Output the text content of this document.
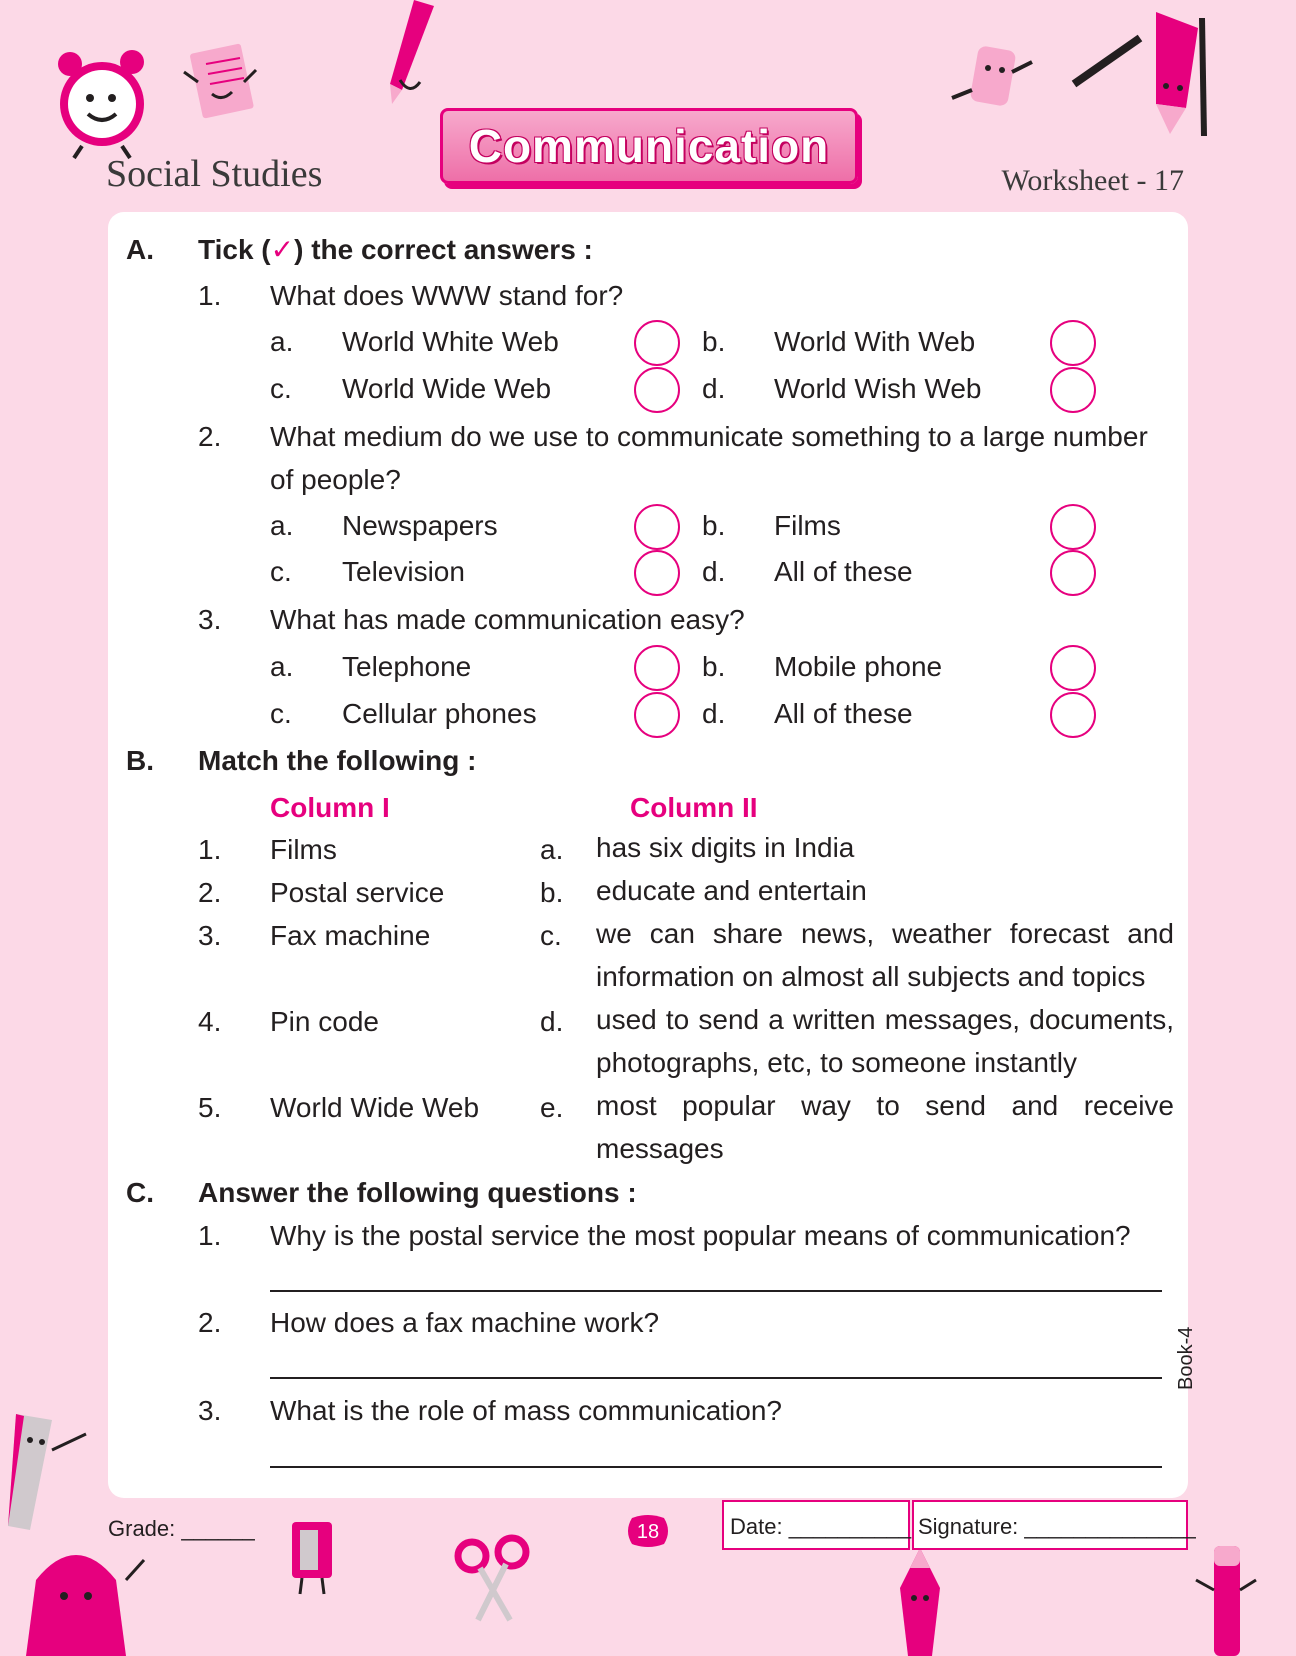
Social Studies
Communication
Worksheet - 17
A. Tick (✓) the correct answers :
1. What does WWW stand for?
a. World White Web	b. World With Web
c. World Wide Web	d. World Wish Web
2. What medium do we use to communicate something to a large number
of people?
a. Newspapers	b. Films
c. Television	d. All of these
3. What has made communication easy?
a. Telephone	b. Mobile phone
c. Cellular phones	d. All of these
B. Match the following :
Column I	Column II
1. Films	a. has six digits in India
2. Postal service	b. educate and entertain
3. Fax machine	c. we can share news, weather forecast and information on almost all subjects and topics
4. Pin code	d. used to send a written messages, documents, photographs, etc, to someone instantly
5. World Wide Web e. most popular way to send and receive messages
C. Answer the following questions :
1. Why is the postal service the most popular means of communication?
2. How does a fax machine work?
3. What is the role of mass communication?
Book-4
Grade: ______	18	Date: __________ Signature: ______________
